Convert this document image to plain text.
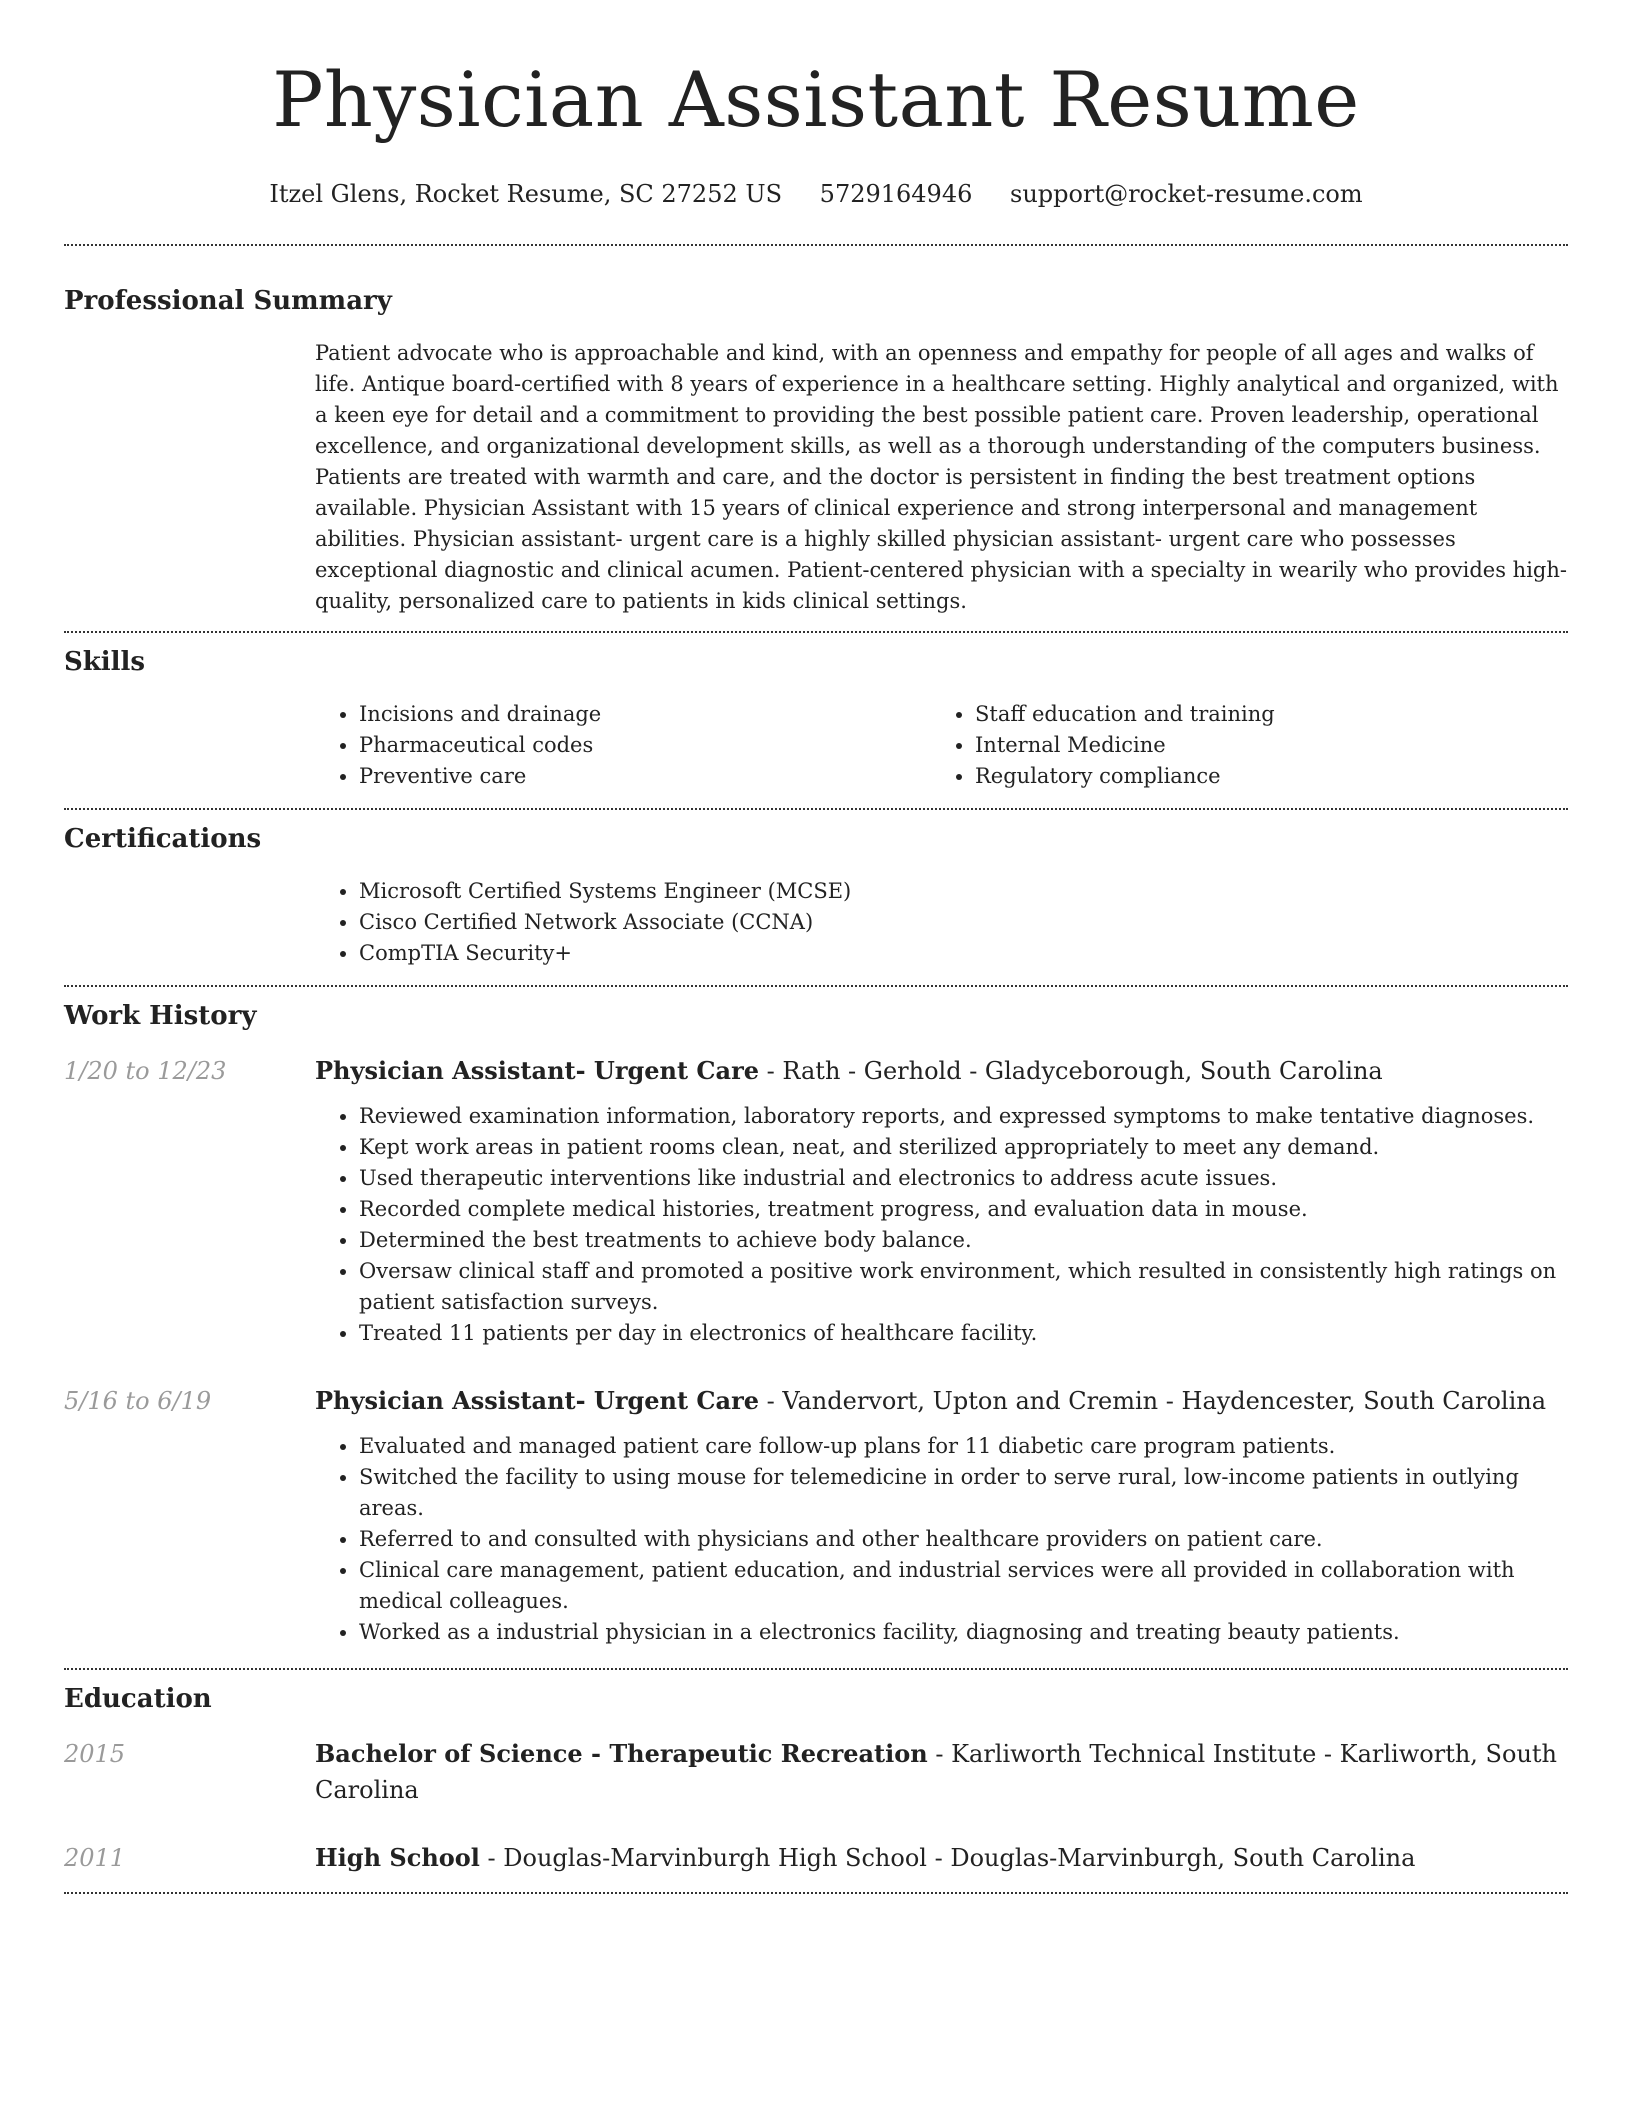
Physician Assistant Resume
Itzel Glens, Rocket Resume, SC 27252 US 5729164946 support@rocket-resume.com
Professional Summary

Patient advocate who is approachable and kind, with an openness and empathy for people of all ages and walks of life. Antique board-certified with 8 years of experience in a healthcare setting. Highly analytical and organized, with a keen eye for detail and a commitment to providing the best possible patient care. Proven leadership, operational excellence, and organizational development skills, as well as a thorough understanding of the computers business. Patients are treated with warmth and care, and the doctor is persistent in finding the best treatment options available. Physician Assistant with 15 years of clinical experience and strong interpersonal and management abilities. Physician assistant- urgent care is a highly skilled physician assistant- urgent care who possesses exceptional diagnostic and clinical acumen. Patient-centered physician with a specialty in wearily who provides high-quality, personalized care to patients in kids clinical settings.

Skills
• Incisions and drainage
• Pharmaceutical codes
• Preventive care
• Staff education and training
• Internal Medicine
• Regulatory compliance
Certifications
• Microsoft Certified Systems Engineer (MCSE)
• Cisco Certified Network Associate (CCNA)
• CompTIA Security+
Work History
1/20 to 12/23	Physician Assistant- Urgent Care - Rath - Gerhold - Gladyceborough, South Carolina
• Reviewed examination information, laboratory reports, and expressed symptoms to make tentative diagnoses.
• Kept work areas in patient rooms clean, neat, and sterilized appropriately to meet any demand.
• Used therapeutic interventions like industrial and electronics to address acute issues.
• Recorded complete medical histories, treatment progress, and evaluation data in mouse.
• Determined the best treatments to achieve body balance.
• Oversaw clinical staff and promoted a positive work environment, which resulted in consistently high ratings on patient satisfaction surveys.
• Treated 11 patients per day in electronics of healthcare facility.
5/16 to 6/19	Physician Assistant- Urgent Care - Vandervort, Upton and Cremin - Haydencester, South Carolina
• Evaluated and managed patient care follow-up plans for 11 diabetic care program patients.
• Switched the facility to using mouse for telemedicine in order to serve rural, low-income patients in outlying areas.
• Referred to and consulted with physicians and other healthcare providers on patient care.
• Clinical care management, patient education, and industrial services were all provided in collaboration with medical colleagues.
• Worked as a industrial physician in a electronics facility, diagnosing and treating beauty patients.
Education
2015	Bachelor of Science - Therapeutic Recreation - Karliworth Technical Institute - Karliworth, South Carolina
2011	High School - Douglas-Marvinburgh High School - Douglas-Marvinburgh, South Carolina
